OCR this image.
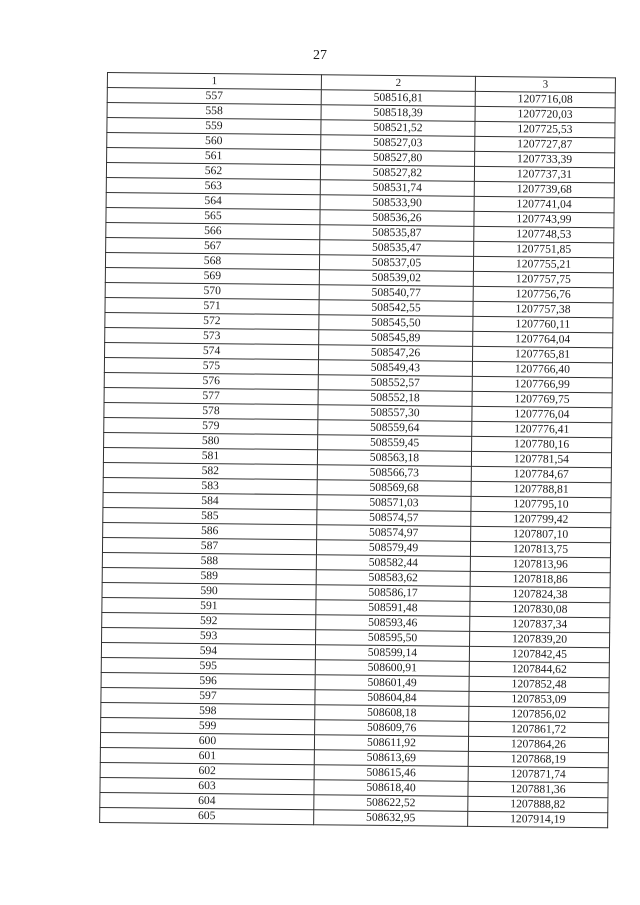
27
1	2	3
557	508516,81	1207716,08
558	508518,39	1207720,03
559	508521,52	1207725,53
560	508527,03	1207727,87
561	508527,80	1207733,39
562	508527,82	1207737,31
563	508531,74	1207739,68
564	508533,90	1207741,04
565	508536,26	1207743,99
566	508535,87	1207748,53
567	508535,47	1207751,85
568	508537,05	1207755,21
569	508539,02	1207757,75
570	508540,77	1207756,76
571	508542,55	1207757,38
572	508545,50	1207760,11
573	508545,89	1207764,04
574	508547,26	1207765,81
575	508549,43	1207766,40
576	508552,57	1207766,99
577	508552,18	1207769,75
578	508557,30	1207776,04
579	508559,64	1207776,41
580	508559,45	1207780,16
581	508563,18	1207781,54
582	508566,73	1207784,67
583	508569,68	1207788,81
584	508571,03	1207795,10
585	508574,57	1207799,42
586	508574,97	1207807,10
587	508579,49	1207813,75
588	508582,44	1207813,96
589	508583,62	1207818,86
590	508586,17	1207824,38
591	508591,48	1207830,08
592	508593,46	1207837,34
593	508595,50	1207839,20
594	508599,14	1207842,45
595	508600,91	1207844,62
596	508601,49	1207852,48
597	508604,84	1207853,09
598	508608,18	1207856,02
599	508609,76	1207861,72
600	508611,92	1207864,26
601	508613,69	1207868,19
602	508615,46	1207871,74
603	508618,40	1207881,36
604	508622,52	1207888,82
605	508632,95	1207914,19
